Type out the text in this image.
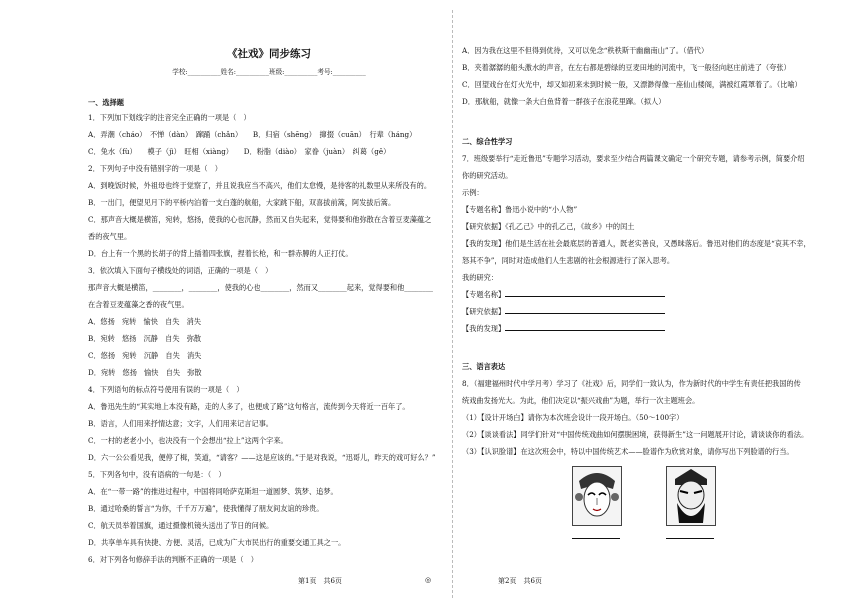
《社戏》同步练习
学校:__________姓名:__________班级:__________考号:__________
一、选择题
1．下列加下划线字的注音完全正确的一项是（　）
A．弄潮（cháo）　不惮（dàn）　蹿踊（chǎn）　　B．归宿（shēng）　撺掇（cuān）　行辈（háng）
C．兔水（fù）　　模子（jì）　旺相（xiàng）　　D．粉脂（diào）　家眷（juàn）　纠葛（gě）
2．下列句子中没有错别字的一项是（　）
A．到晚饭时候，外祖母也终于觉察了，并且说我应当不高兴，他们太怠慢，是待客的礼数里从来所没有的。
B．一出门，便望见月下的平桥内泊着一支白蓬的航船，大家跳下船，双喜拔前篙，阿发拔后篙。
C．那声音大概是横笛，宛转，悠扬，使我的心也沉静，然而又自失起来，觉得要和他弥散在含着豆麦藻蕴之
香的夜气里。
D．台上有一个黑的长胡子的背上插着四张旗，捏着长枪，和一群赤膊的人正打仗。
3．依次填入下面句子横线处的词语，正确的一项是（　）
那声音大概是横笛，________，________，使我的心也________，然而又________起来，觉得要和他________
在含着豆麦蕴藻之香的夜气里。
A．悠扬　宛转　愉快　自失　消失
B．宛转　悠扬　沉静　自失　弥散
C．悠扬　宛转　沉静　自失　消失
D．宛转　悠扬　愉快　自失　弥散
4．下列语句的标点符号使用有误的一项是（　）
A．鲁迅先生的“其实地上本没有路，走的人多了，也便成了路”这句格言，流传到今天将近一百年了。
B．语言，人们用来抒情达意；文字，人们用来记言记事。
C．一村的老老小小，也决没有一个会想出“拉上”这两个字来。
D．六一公公看见我，便停了楫，笑道，“请客？——这是应该的。”于是对我说，“迅哥儿，昨天的戏可好么？”
5．下列各句中，没有语病的一句是：（　）
A．在“一带一路”的推进过程中，中国将同哈萨克斯坦一道圆梦、筑梦、追梦。
B．通过哈桑的誓言“为你，千千万万遍”，使我懂得了朋友间友谊的珍贵。
C．航天员举着国旗，通过摄像机镜头送出了节日的问候。
D．共享单车具有快捷、方便、灵活，已成为广大市民出行的重要交通工具之一。
6．对下列各句修辞手法的判断不正确的一项是（　）
A．因为我在这里不但得到优待，又可以免念“秩秩斯干幽幽南山”了。（借代）
B．夹着潺潺的船头激水的声音，在左右都是碧绿的豆麦田地的河流中，飞一般径向赵庄前进了（夸张）
C．回望戏台在灯火光中，却又如初来未到时候一般，又漂渺得像一座仙山楼阁，满被红霞罩着了。（比喻）
D．那航船，就像一条大白鱼背着一群孩子在浪花里蹿。（拟人）
二、综合性学习
7．班级要举行“走近鲁迅”专题学习活动，要求至少结合两篇课文确定一个研究专题，请参考示例，简要介绍
你的研究活动。
示例：
【专题名称】鲁迅小说中的“小人物”
【研究依据】《孔乙己》中的孔乙己，《故乡》中的闰土
【我的发现】他们是生活在社会最底层的普通人，既老实善良，又愚昧落后。鲁迅对他们的态度是“哀其不幸，
怒其不争”，同时对造成他们人生悲剧的社会根源进行了深入思考。
我的研究：
【专题名称】
【研究依据】
【我的发现】
三、语言表达
8．（福建福州时代中学月考）学习了《社戏》后，同学们一致认为，作为新时代的中学生有责任把我国的传
统戏曲发扬光大。为此，他们决定以“振兴戏曲”为题，举行一次主题班会。
（1）【设计开场白】请你为本次班会设计一段开场白。（50～100字）
（2）【谈谈看法】同学们针对“中国传统戏曲如何摆脱困境，获得新生”这一问题展开讨论，请谈谈你的看法。
（3）【认识脸谱】在这次班会中，特以中国传统艺术——脸谱作为欣赏对象，请你写出下列脸谱的行当。
第1页　共6页	◎	第2页　共6页
